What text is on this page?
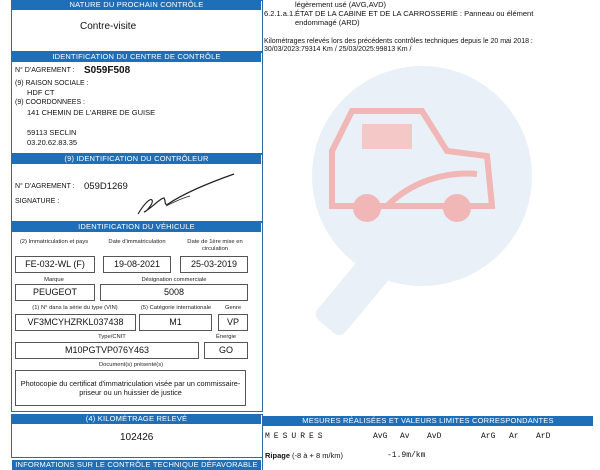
NATURE DU PROCHAIN CONTRÔLE
Contre-visite
IDENTIFICATION DU CENTRE DE CONTRÔLE
N° D'AGREMENT : S059F508
(9) RAISON SOCIALE :
HDF CT
(9) COORDONNEES :
141 CHEMIN DE L'ARBRE DE GUISE
59113 SECLIN
03.20.62.83.35
(9) IDENTIFICATION DU CONTRÔLEUR
N° D'AGREMENT : 059D1269
SIGNATURE :
IDENTIFICATION DU VÉHICULE
(2) Immatriculation et pays	Date d'immatriculation	Date de 1ère mise en circulation
FE-032-WL (F)	19-08-2021	25-03-2019
Marque	Désignation commerciale
PEUGEOT	5008
(1) N° dans la série du type (VIN)	(5) Catégorie internationale	Genre
VF3MCYHZRKL037438	M1	VP
Type/CNIT	Énergie
M10PGTVP076Y463	GO
Document(s) présenté(s)
Photocopie du certificat d'immatriculation visée par un commissaire-priseur ou un huissier de justice
(4) KILOMÉTRAGE RELEVÉ
102426
INFORMATIONS SUR LE CONTRÔLE TECHNIQUE DÉFAVORABLE
légèrement usé (AVG,AVD)
6.2.1.a.1. ÉTAT DE LA CABINE ET DE LA CARROSSERIE : Panneau ou élément
endommagé (ARD)
Kilométrages relevés lors des précédents contrôles techniques depuis le 20 mai 2018 :
30/03/2023:79314 Km / 25/03/2025:99813 Km /
MESURES RÉALISÉES ET VALEURS LIMITES CORRESPONDANTES
MESURES	AvG Av AvD	ArG Ar ArD
Ripage (-8 à + 8 m/km)	-1.9m/km
